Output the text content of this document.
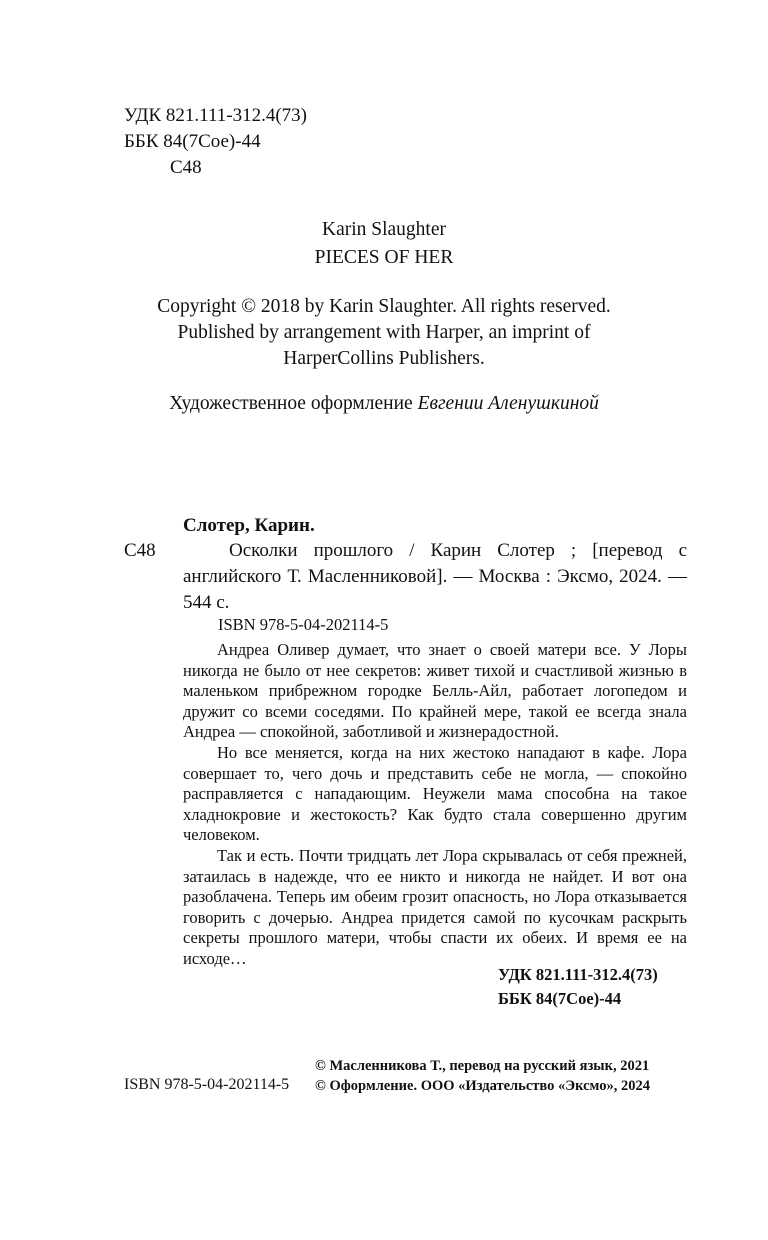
УДК 821.111-312.4(73)
ББК 84(7Сое)-44
С48
Karin Slaughter
PIECES OF HER
Copyright © 2018 by Karin Slaughter. All rights reserved.
Published by arrangement with Harper, an imprint of
HarperCollins Publishers.
Художественное оформление Евгении Аленушкиной
Слотер, Карин.
С48	Осколки прошлого / Карин Слотер ; [перевод с английского Т. Масленниковой]. — Москва : Эксмо, 2024. — 544 с.

ISBN 978-5-04-202114-5

Андреа Оливер думает, что знает о своей матери все. У Лоры никогда не было от нее секретов: живет тихой и счастливой жизнью в маленьком прибрежном городке Белль-Айл, работает логопедом и дружит со всеми соседями. По крайней мере, такой ее всегда знала Андреа — спокойной, заботливой и жизнерадостной.

Но все меняется, когда на них жестоко нападают в кафе. Лора совершает то, чего дочь и представить себе не могла, — спокойно расправляется с нападающим. Неужели мама способна на такое хладнокровие и жестокость? Как будто стала совершенно другим человеком.

Так и есть. Почти тридцать лет Лора скрывалась от себя прежней, затаилась в надежде, что ее никто и никогда не найдет. И вот она разоблачена. Теперь им обеим грозит опасность, но Лора отказывается говорить с дочерью. Андреа придется самой по кусочкам раскрыть секреты прошлого матери, чтобы спасти их обеих. И время ее на исходе…

УДК 821.111-312.4(73)
ББК 84(7Сое)-44
© Масленникова Т., перевод на русский язык, 2021
© Оформление. ООО «Издательство «Эксмо», 2024
ISBN 978-5-04-202114-5
